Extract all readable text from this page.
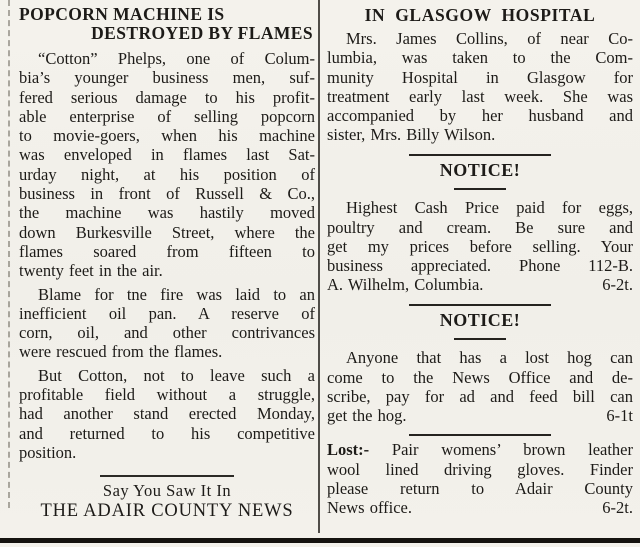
POPCORN MACHINE IS
DESTROYED BY FLAMES
“Cotton” Phelps, one of Colum-
bia’s younger business men, suf-
fered serious damage to his profit-
able enterprise of selling popcorn
to movie-goers, when his machine
was enveloped in flames last Sat-
urday night, at his position of
business in front of Russell & Co.,
the machine was hastily moved
down Burkesville Street, where the
flames soared from fifteen to
twenty feet in the air.
Blame for tne fire was laid to an
inefficient oil pan. A reserve of
corn, oil, and other contrivances
were rescued from the flames.
But Cotton, not to leave such a
profitable field without a struggle,
had another stand erected Monday,
and returned to his competitive
position.
Say You Saw It In
THE ADAIR COUNTY NEWS
IN GLASGOW HOSPITAL
Mrs. James Collins, of near Co-
lumbia, was taken to the Com-
munity Hospital in Glasgow for
treatment early last week. She was
accompanied by her husband and
sister, Mrs. Billy Wilson.
NOTICE!
Highest Cash Price paid for eggs,
poultry and cream. Be sure and
get my prices before selling. Your
business appreciated. Phone 112-B.
A. Wilhelm, Columbia.	6-2t.
NOTICE!
Anyone that has a lost hog can
come to the News Office and de-
scribe, pay for ad and feed bill can
get the hog.	6-1t
Lost:- Pair womens’ brown leather
wool lined driving gloves. Finder
please return to Adair County
News office.	6-2t.
